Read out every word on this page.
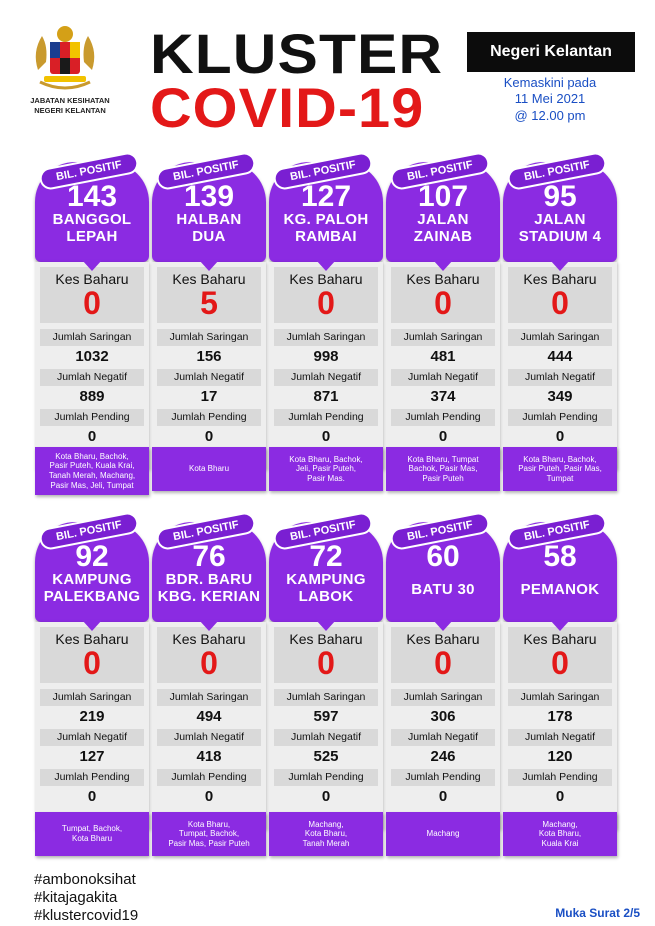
JABATAN KESIHATAN
NEGERI KELANTAN
KLUSTER
COVID-19
Negeri Kelantan
Kemaskini pada
11 Mei 2021
@ 12.00 pm
BIL. POSITIF
143
BANGGOL
LEPAH
Kes Baharu
0
Jumlah Saringan
1032
Jumlah Negatif
889
Jumlah Pending
0
Kota Bharu, Bachok,
Pasir Puteh, Kuala Krai,
Tanah Merah, Machang,
Pasir Mas, Jeli, Tumpat
BIL. POSITIF
139
HALBAN
DUA
Kes Baharu
5
Jumlah Saringan
156
Jumlah Negatif
17
Jumlah Pending
0
Kota Bharu
BIL. POSITIF
127
KG. PALOH
RAMBAI
Kes Baharu
0
Jumlah Saringan
998
Jumlah Negatif
871
Jumlah Pending
0
Kota Bharu, Bachok,
Jeli, Pasir Puteh,
Pasir Mas.
BIL. POSITIF
107
JALAN
ZAINAB
Kes Baharu
0
Jumlah Saringan
481
Jumlah Negatif
374
Jumlah Pending
0
Kota Bharu, Tumpat
Bachok, Pasir Mas,
Pasir Puteh
BIL. POSITIF
95
JALAN
STADIUM 4
Kes Baharu
0
Jumlah Saringan
444
Jumlah Negatif
349
Jumlah Pending
0
Kota Bharu, Bachok,
Pasir Puteh, Pasir Mas,
Tumpat
BIL. POSITIF
92
KAMPUNG
PALEKBANG
Kes Baharu
0
Jumlah Saringan
219
Jumlah Negatif
127
Jumlah Pending
0
Tumpat, Bachok,
Kota Bharu
BIL. POSITIF
76
BDR. BARU
KBG. KERIAN
Kes Baharu
0
Jumlah Saringan
494
Jumlah Negatif
418
Jumlah Pending
0
Kota Bharu,
Tumpat, Bachok,
Pasir Mas, Pasir Puteh
BIL. POSITIF
72
KAMPUNG
LABOK
Kes Baharu
0
Jumlah Saringan
597
Jumlah Negatif
525
Jumlah Pending
0
Machang,
Kota Bharu,
Tanah Merah
BIL. POSITIF
60
BATU 30
Kes Baharu
0
Jumlah Saringan
306
Jumlah Negatif
246
Jumlah Pending
0
Machang
BIL. POSITIF
58
PEMANOK
Kes Baharu
0
Jumlah Saringan
178
Jumlah Negatif
120
Jumlah Pending
0
Machang,
Kota Bharu,
Kuala Krai
#ambonoksihat
#kitajagakita
#klustercovid19	Muka Surat 2/5
